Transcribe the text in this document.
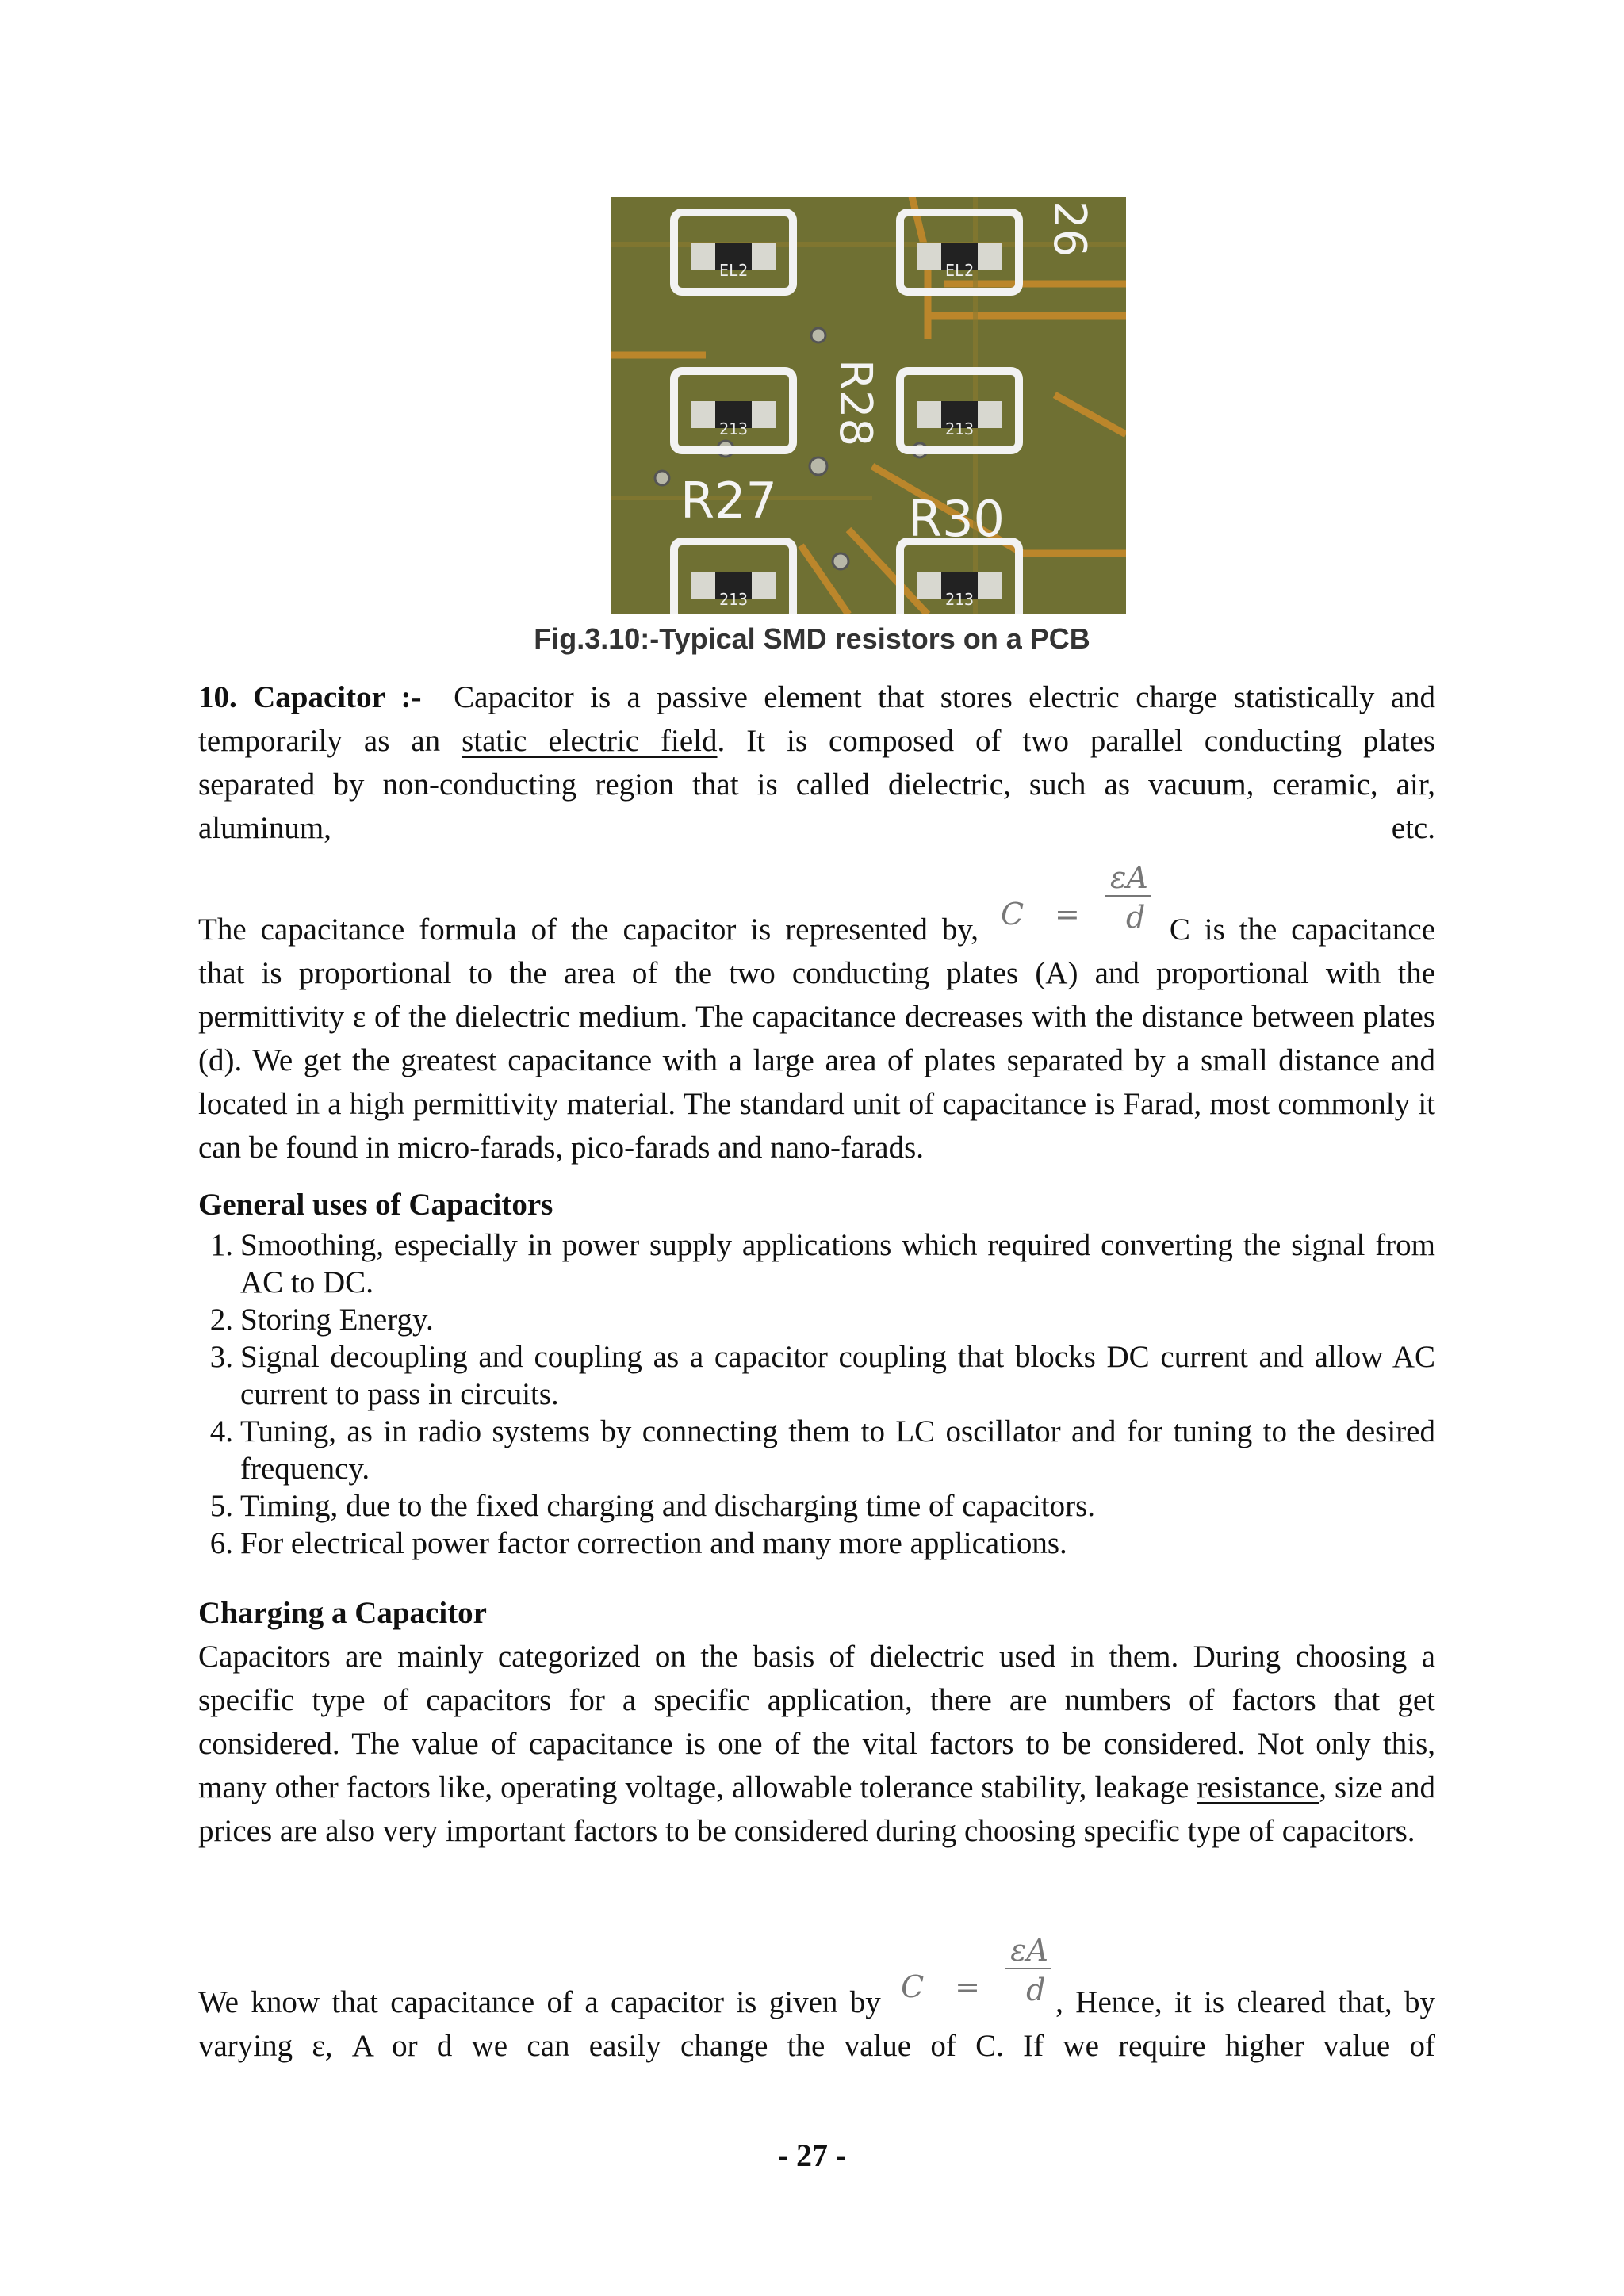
EL2	EL2
213	213
213	213
R28
R27	R30
26
Fig.3.10:-Typical SMD resistors on a PCB

10. Capacitor :- Capacitor is a passive element that stores electric charge statistically and

temporarily as an static electric field. It is composed of two parallel conducting plates

separated by non-conducting region that is called dielectric, such as vacuum, ceramic, air,

aluminum,	etc.

The capacitance formula of the capacitor is represented by, C =
εA
d C is the capacitance

that is proportional to the area of the two conducting plates (A) and proportional with the permittivity ε of the dielectric medium. The capacitance decreases with the distance between plates (d). We get the greatest capacitance with a large area of plates separated by a small distance and located in a high permittivity material. The standard unit of capacitance is Farad, most commonly it can be found in micro-farads, pico-farads and nano-farads.

General uses of Capacitors

1. Smoothing, especially in power supply applications which required converting the signal from AC to DC.
2. Storing Energy.
3. Signal decoupling and coupling as a capacitor coupling that blocks DC current and allow AC current to pass in circuits.
4. Tuning, as in radio systems by connecting them to LC oscillator and for tuning to the desired frequency.
5. Timing, due to the fixed charging and discharging time of capacitors.
6. For electrical power factor correction and many more applications.

Charging a Capacitor

Capacitors are mainly categorized on the basis of dielectric used in them. During choosing a specific type of capacitors for a specific application, there are numbers of factors that get considered. The value of capacitance is one of the vital factors to be considered. Not only this, many other factors like, operating voltage, allowable tolerance stability, leakage resistance, size and prices are also very important factors to be considered during choosing specific type of capacitors.

We know that capacitance of a capacitor is given by C =
εA
d , Hence, it is cleared that, by

varying ε, A or d we can easily change the value of C. If we require higher value of

- 27 -
